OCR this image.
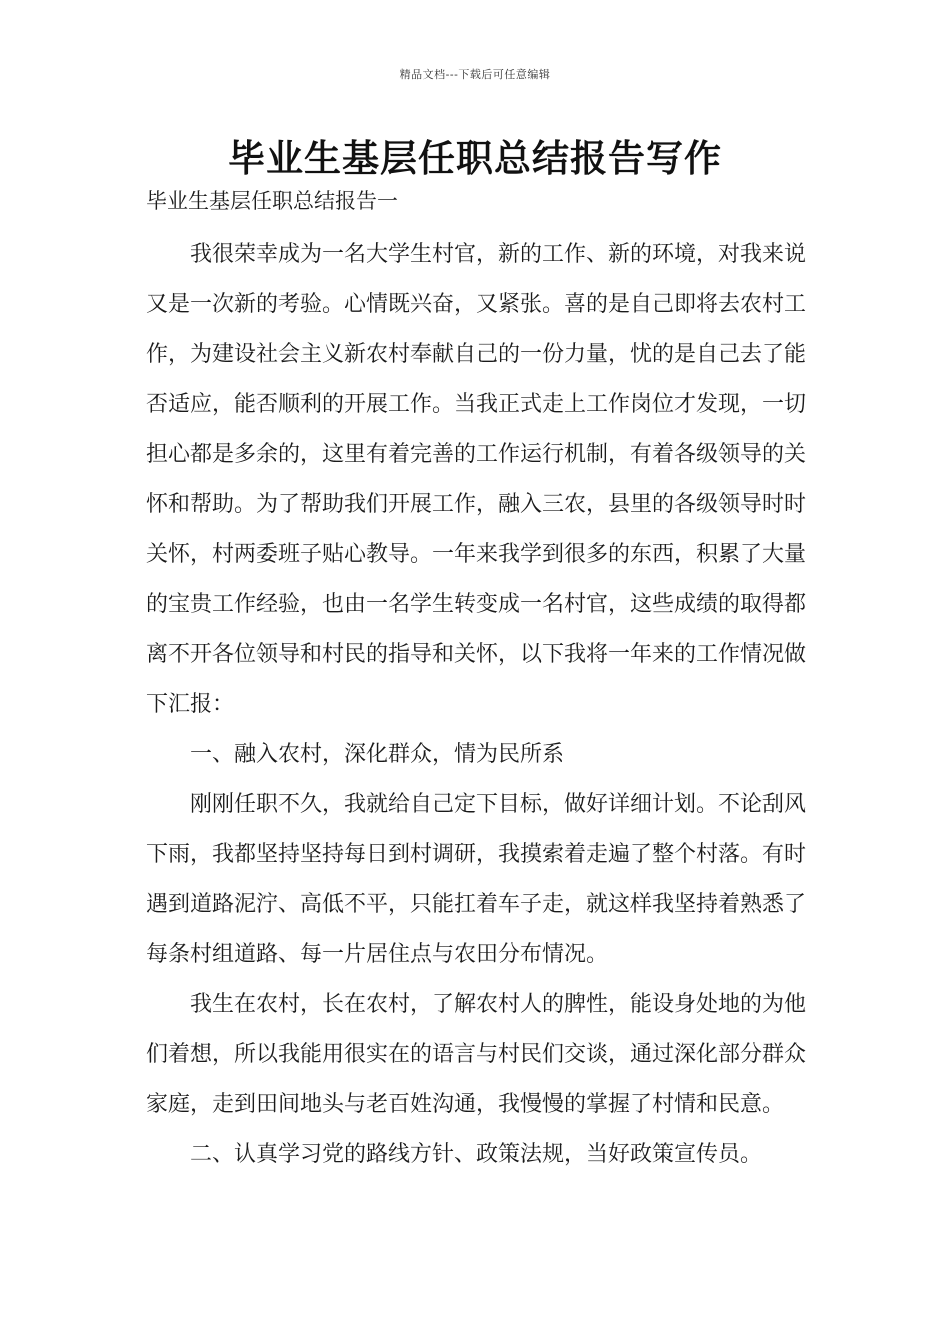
精品文档---下载后可任意编辑
毕业生基层任职总结报告写作
毕业生基层任职总结报告一

我很荣幸成为一名大学生村官，新的工作、新的环境，对我来说又是一次新的考验。心情既兴奋，又紧张。喜的是自己即将去农村工作，为建设社会主义新农村奉献自己的一份力量，忧的是自己去了能否适应，能否顺利的开展工作。当我正式走上工作岗位才发现，一切担心都是多余的，这里有着完善的工作运行机制，有着各级领导的关怀和帮助。为了帮助我们开展工作，融入三农，县里的各级领导时时关怀，村两委班子贴心教导。一年来我学到很多的东西，积累了大量的宝贵工作经验，也由一名学生转变成一名村官，这些成绩的取得都离不开各位领导和村民的指导和关怀，以下我将一年来的工作情况做下汇报：

一、融入农村，深化群众，情为民所系

刚刚任职不久，我就给自己定下目标，做好详细计划。不论刮风下雨，我都坚持坚持每日到村调研，我摸索着走遍了整个村落。有时遇到道路泥泞、高低不平，只能扛着车子走，就这样我坚持着熟悉了每条村组道路、每一片居住点与农田分布情况。

我生在农村，长在农村，了解农村人的脾性，能设身处地的为他们着想，所以我能用很实在的语言与村民们交谈，通过深化部分群众家庭，走到田间地头与老百姓沟通，我慢慢的掌握了村情和民意。

二、认真学习党的路线方针、政策法规，当好政策宣传员。
